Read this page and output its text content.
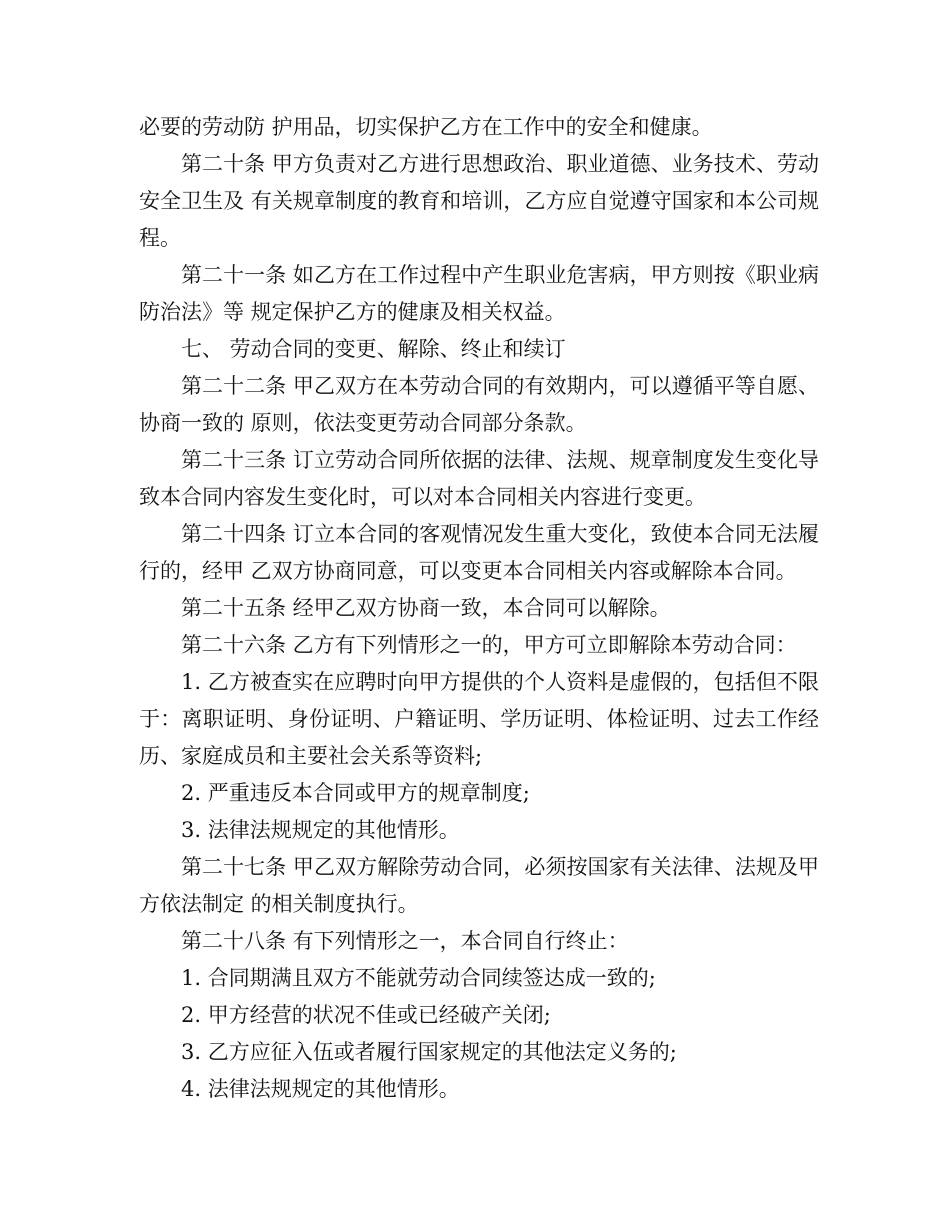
必要的劳动防 护用品，切实保护乙方在工作中的安全和健康。

第二十条 甲方负责对乙方进行思想政治、职业道德、业务技术、劳动安全卫生及 有关规章制度的教育和培训，乙方应自觉遵守国家和本公司规程。

第二十一条 如乙方在工作过程中产生职业危害病，甲方则按《职业病防治法》等 规定保护乙方的健康及相关权益。

七、 劳动合同的变更、解除、终止和续订

第二十二条 甲乙双方在本劳动合同的有效期内，可以遵循平等自愿、协商一致的 原则，依法变更劳动合同部分条款。

第二十三条 订立劳动合同所依据的法律、法规、规章制度发生变化导致本合同内容发生变化时，可以对本合同相关内容进行变更。

第二十四条 订立本合同的客观情况发生重大变化，致使本合同无法履行的，经甲 乙双方协商同意，可以变更本合同相关内容或解除本合同。

第二十五条 经甲乙双方协商一致，本合同可以解除。

第二十六条 乙方有下列情形之一的，甲方可立即解除本劳动合同：

1. 乙方被查实在应聘时向甲方提供的个人资料是虚假的，包括但不限于：离职证明、身份证明、户籍证明、学历证明、体检证明、过去工作经历、家庭成员和主要社会关系等资料;

2. 严重违反本合同或甲方的规章制度;

3. 法律法规规定的其他情形。

第二十七条 甲乙双方解除劳动合同，必须按国家有关法律、法规及甲方依法制定 的相关制度执行。

第二十八条 有下列情形之一，本合同自行终止：

1. 合同期满且双方不能就劳动合同续签达成一致的;

2. 甲方经营的状况不佳或已经破产关闭;

3. 乙方应征入伍或者履行国家规定的其他法定义务的;

4. 法律法规规定的其他情形。
